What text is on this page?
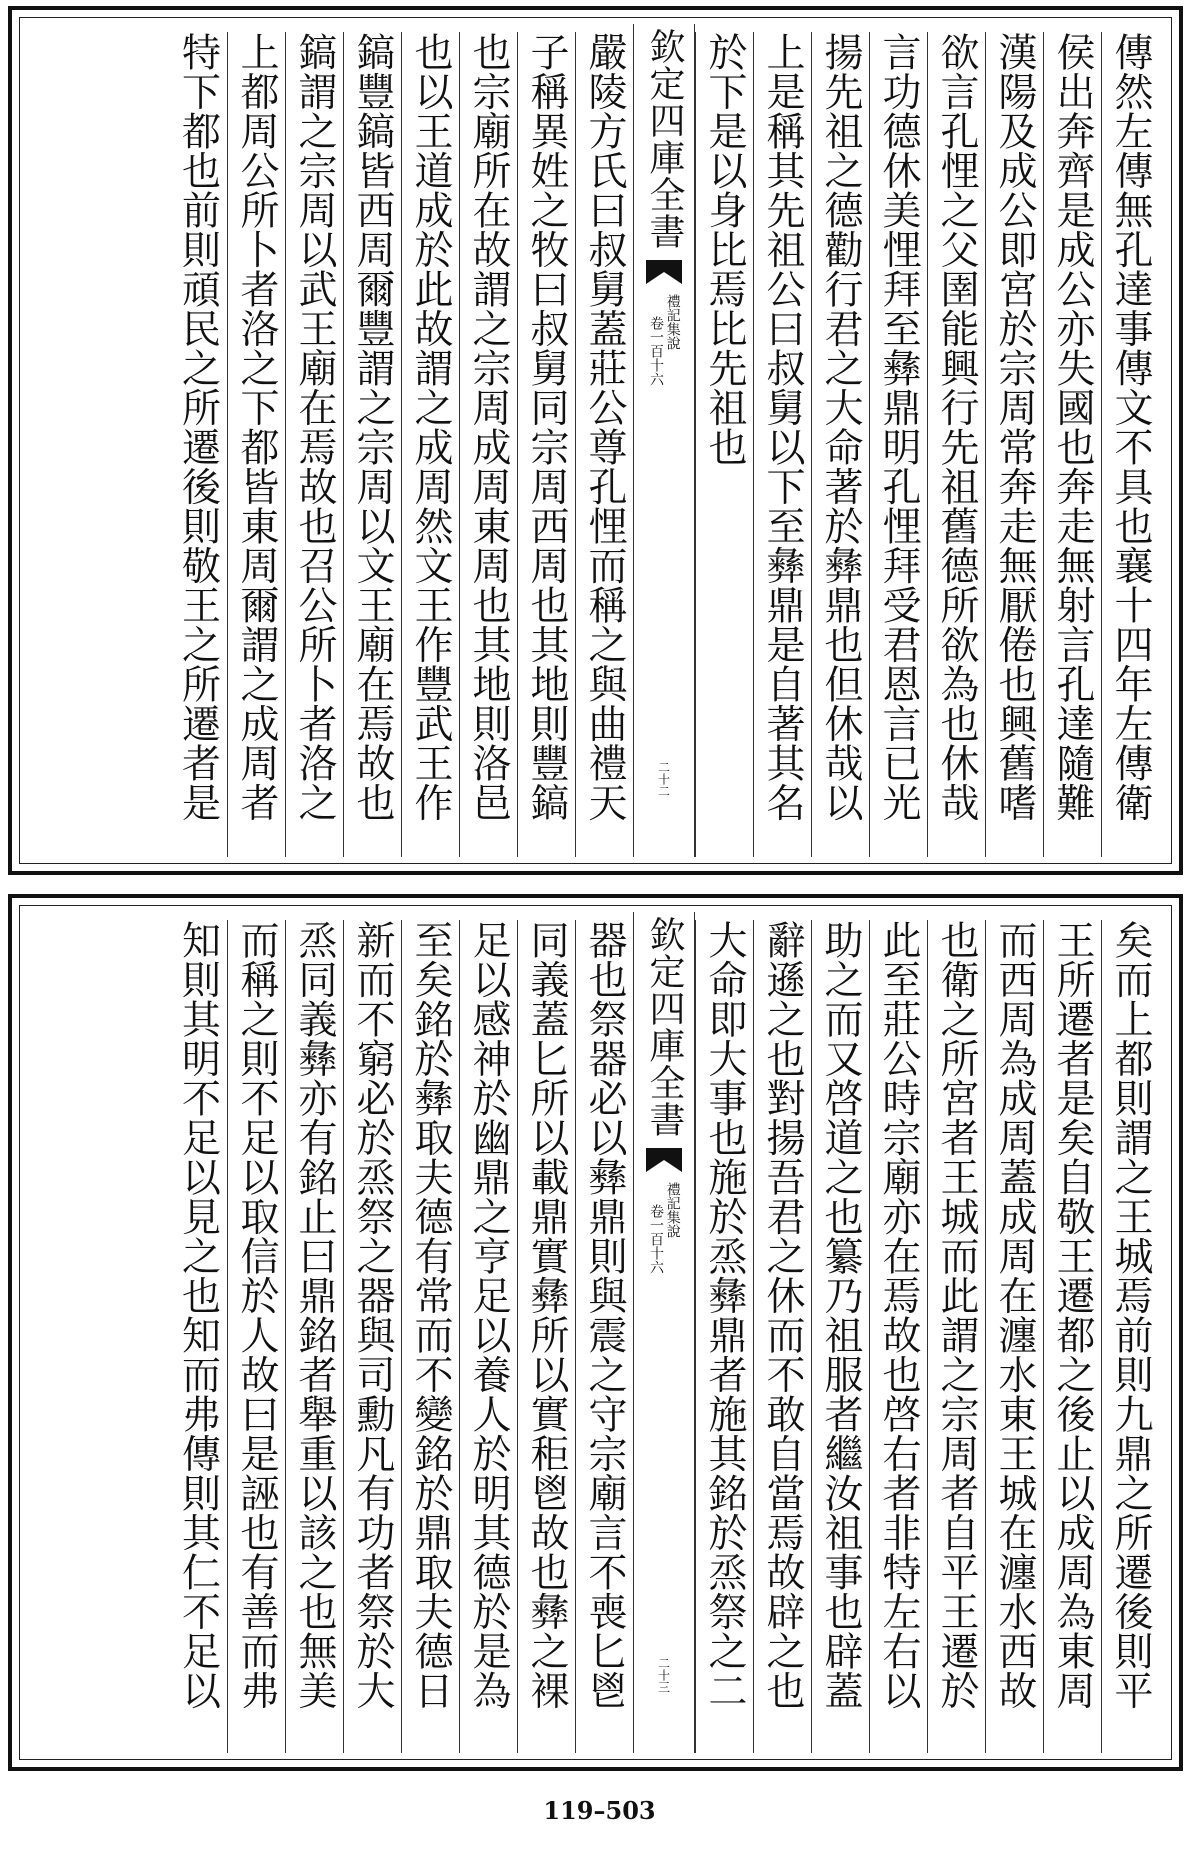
傳然左傳無孔達事傳文不具也襄十四年左傳衛
侯出奔齊是成公亦失國也奔走無射言孔達隨難
漢陽及成公即宮於宗周常奔走無厭倦也興舊嗜
欲言孔悝之父圉能興行先祖舊德所欲為也休哉
言功德休美悝拜至彝鼎明孔悝拜受君恩言已光
揚先祖之德勸行君之大命著於彝鼎也但休哉以
上是稱其先祖公曰叔舅以下至彝鼎是自著其名
於下是以身比焉比先祖也
欽定四庫全書
禮記集說
卷一百十六
二十二
嚴陵方氏曰叔舅蓋莊公尊孔悝而稱之與曲禮天
子稱異姓之牧曰叔舅同宗周西周也其地則豐鎬
也宗廟所在故謂之宗周成周東周也其地則洛邑
也以王道成於此故謂之成周然文王作豐武王作
鎬豐鎬皆西周爾豐謂之宗周以文王廟在焉故也
鎬謂之宗周以武王廟在焉故也召公所卜者洛之
上都周公所卜者洛之下都皆東周爾謂之成周者
特下都也前則頑民之所遷後則敬王之所遷者是
矣而上都則謂之王城焉前則九鼎之所遷後則平
王所遷者是矣自敬王遷都之後止以成周為東周
而西周為成周蓋成周在瀍水東王城在瀍水西故
也衛之所宮者王城而此謂之宗周者自平王遷於
此至莊公時宗廟亦在焉故也啓右者非特左右以
助之而又啓道之也纂乃祖服者繼汝祖事也辟蓋
辭遜之也對揚吾君之休而不敢自當焉故辟之也
大命即大事也施於烝彝鼎者施其銘於烝祭之二
欽定四庫全書
禮記集說
卷一百十六
二十三
器也祭器必以彝鼎則與震之守宗廟言不喪匕鬯
同義蓋匕所以載鼎實彝所以實秬鬯故也彝之裸
足以感神於幽鼎之亨足以養人於明其德於是為
至矣銘於彝取夫德有常而不變銘於鼎取夫德日
新而不窮必於烝祭之器與司勳凡有功者祭於大
烝同義彝亦有銘止曰鼎銘者舉重以該之也無美
而稱之則不足以取信於人故曰是誣也有善而弗
知則其明不足以見之也知而弗傳則其仁不足以
119–503
